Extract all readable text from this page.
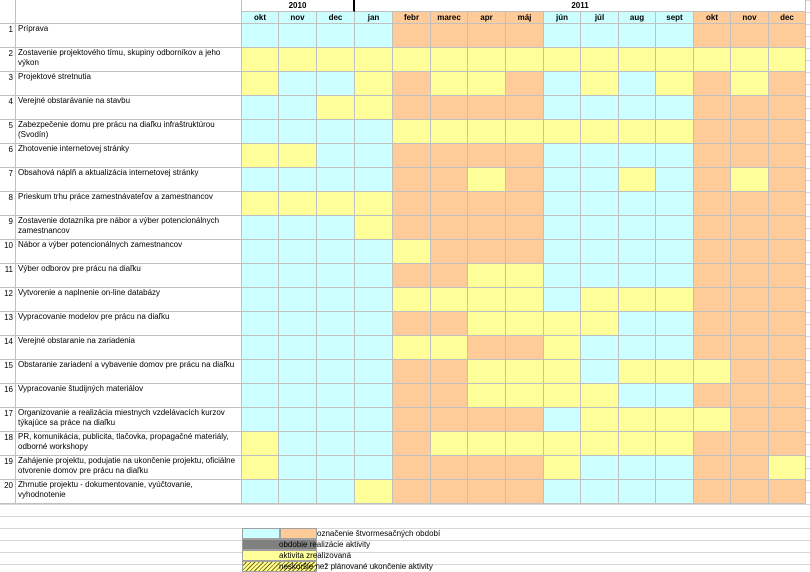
2010	2011
okt	nov	dec	jan	febr	marec	apr	máj	jún	júl	aug	sept	okt	nov	dec
1 Príprava
2 Zostavenie projektového tímu, skupiny odborníkov a jeho výkon
3 Projektové stretnutia
4 Verejné obstarávanie na stavbu
5 Zabezpečenie domu pre prácu na diaľku infraštruktúrou (Svodín)
6 Zhotovenie internetovej stránky
7 Obsahová náplň a aktualizácia internetovej stránky
8 Prieskum trhu práce zamestnávateľov a zamestnancov
9 Zostavenie dotazníka pre nábor a výber potencionálnych zamestnancov
10 Nábor a výber potencionálnych zamestnancov
11 Výber odborov pre prácu na diaľku
12 Vytvorenie a naplnenie on-line databázy
13 Vypracovanie modelov pre prácu na diaľku
14 Verejné obstaranie na zariadenia
15 Obstaranie zariadení a vybavenie domov pre prácu na diaľku
16 Vypracovanie študijných materiálov
17 Organizovanie a realizácia miestnych vzdelávacích kurzov týkajúce sa práce na diaľku
18 PR, komunikácia, publicita, tlačovka, propagačné materiály, odborné workshopy
19 Zahájenie projektu, podujatie na ukončenie projektu, oficiálne otvorenie domov pre prácu na diaľku
20 Zhrnutie projektu - dokumentovanie, vyúčtovanie, vyhodnotenie
označenie štvormesačných období
obdobie realizácie aktivity
aktivita zrealizovaná
neskoršie než plánované ukončenie aktivity
